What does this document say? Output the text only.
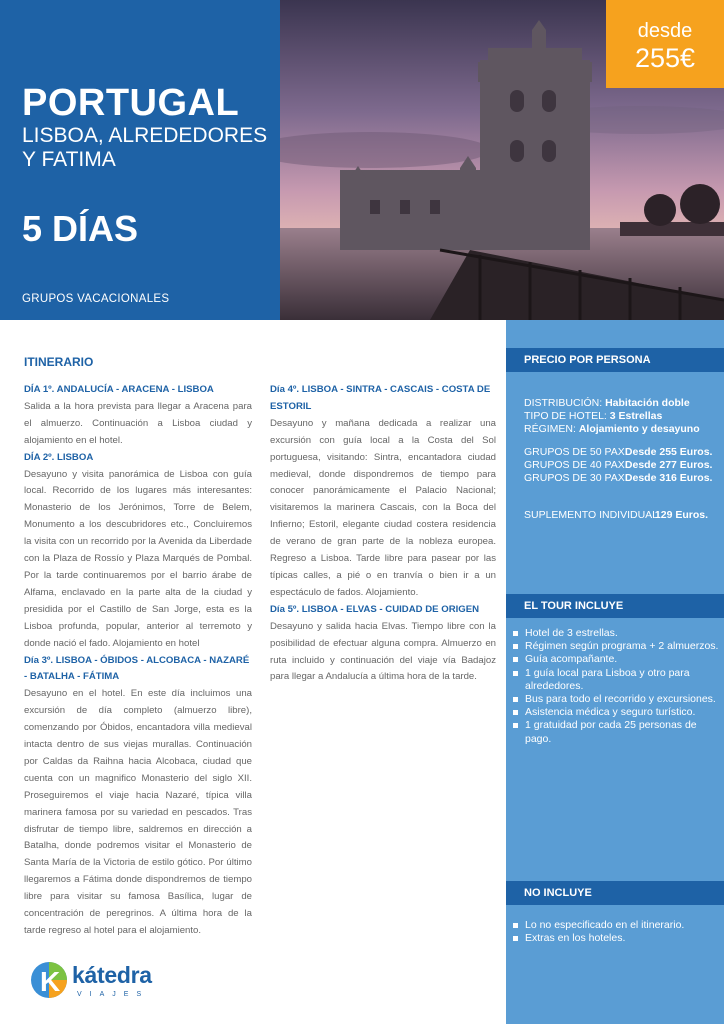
PORTUGAL
LISBOA, ALREDEDORES Y FATIMA
5 DÍAS
GRUPOS VACACIONALES
desde
255€
ITINERARIO
DÍA 1º. ANDALUCÍA - ARACENA - LISBOA
Salida a la hora prevista para llegar a Aracena para el almuerzo. Continuación a Lisboa ciudad y alojamiento en el hotel.
DÍA 2º. LISBOA
Desayuno y visita panorámica de Lisboa con guía local. Recorrido de los lugares más interesantes: Monasterio de los Jerónimos, Torre de Belem, Monumento a los descubridores etc., Concluiremos la visita con un recorrido por la Avenida da Liberdade con la Plaza de Rossío y Plaza Marqués de Pombal. Por la tarde continuaremos por el barrio árabe de Alfama, enclavado en la parte alta de la ciudad y presidida por el Castillo de San Jorge, esta es la Lisboa profunda, popular, anterior al terremoto y donde nació el fado. Alojamiento en hotel
Día 3º. LISBOA - ÓBIDOS - ALCOBACA - NAZARÉ - BATALHA - FÁTIMA
Desayuno en el hotel. En este día incluimos una excursión de día completo (almuerzo libre), comenzando por Óbidos, encantadora villa medieval intacta dentro de sus viejas murallas. Continuación por Caldas da Raihna hacia Alcobaca, ciudad que cuenta con un magnifico Monasterio del siglo XII. Proseguiremos el viaje hacia Nazaré, típica villa marinera famosa por su variedad en pescados. Tras disfrutar de tiempo libre, saldremos en dirección a Batalha, donde podremos visitar el Monasterio de Santa María de la Victoria de estilo gótico. Por último llegaremos a Fátima donde dispondremos de tiempo libre para visitar su famosa Basílica, lugar de concentración de peregrinos. A última hora de la tarde regreso al hotel para el alojamiento.
Día 4º. LISBOA - SINTRA - CASCAIS - COSTA DE ESTORIL
Desayuno y mañana dedicada a realizar una excursión con guía local a la Costa del Sol portuguesa, visitando: Sintra, encantadora ciudad medieval, donde dispondremos de tiempo para conocer panorámicamente el Palacio Nacional; visitaremos la marinera Cascais, con la Boca del Infierno; Estoril, elegante ciudad costera residencia de verano de gran parte de la nobleza europea. Regreso a Lisboa. Tarde libre para pasear por las típicas calles, a pié o en tranvía o bien ir a un espectáculo de fados. Alojamiento.
Día 5º. LISBOA - ELVAS - CUIDAD DE ORIGEN
Desayuno y salida hacia Elvas. Tiempo libre con la posibilidad de efectuar alguna compra. Almuerzo en ruta incluido y continuación del viaje vía Badajoz para llegar a Andalucía a última hora de la tarde.
PRECIO POR PERSONA
DISTRIBUCIÓN: Habitación doble
TIPO DE HOTEL: 3 Estrellas
RÉGIMEN: Alojamiento y desayuno
GRUPOS DE 50 PAX. Desde 255 Euros.
GRUPOS DE 40 PAX. Desde 277 Euros.
GRUPOS DE 30 PAX. Desde 316 Euros.
SUPLEMENTO INDIVIDUAL. 129 Euros.
EL TOUR INCLUYE
Hotel de 3 estrellas.
Régimen según programa + 2 almuerzos.
Guía acompañante.
1 guía local para Lisboa y otro para alrededores.
Bus para todo el recorrido y excursiones.
Asistencia médica y seguro turístico.
1 gratuidad por cada 25 personas de pago.
NO INCLUYE
Lo no especificado en el itinerario.
Extras en los hoteles.
K kátedra
VIAJES
